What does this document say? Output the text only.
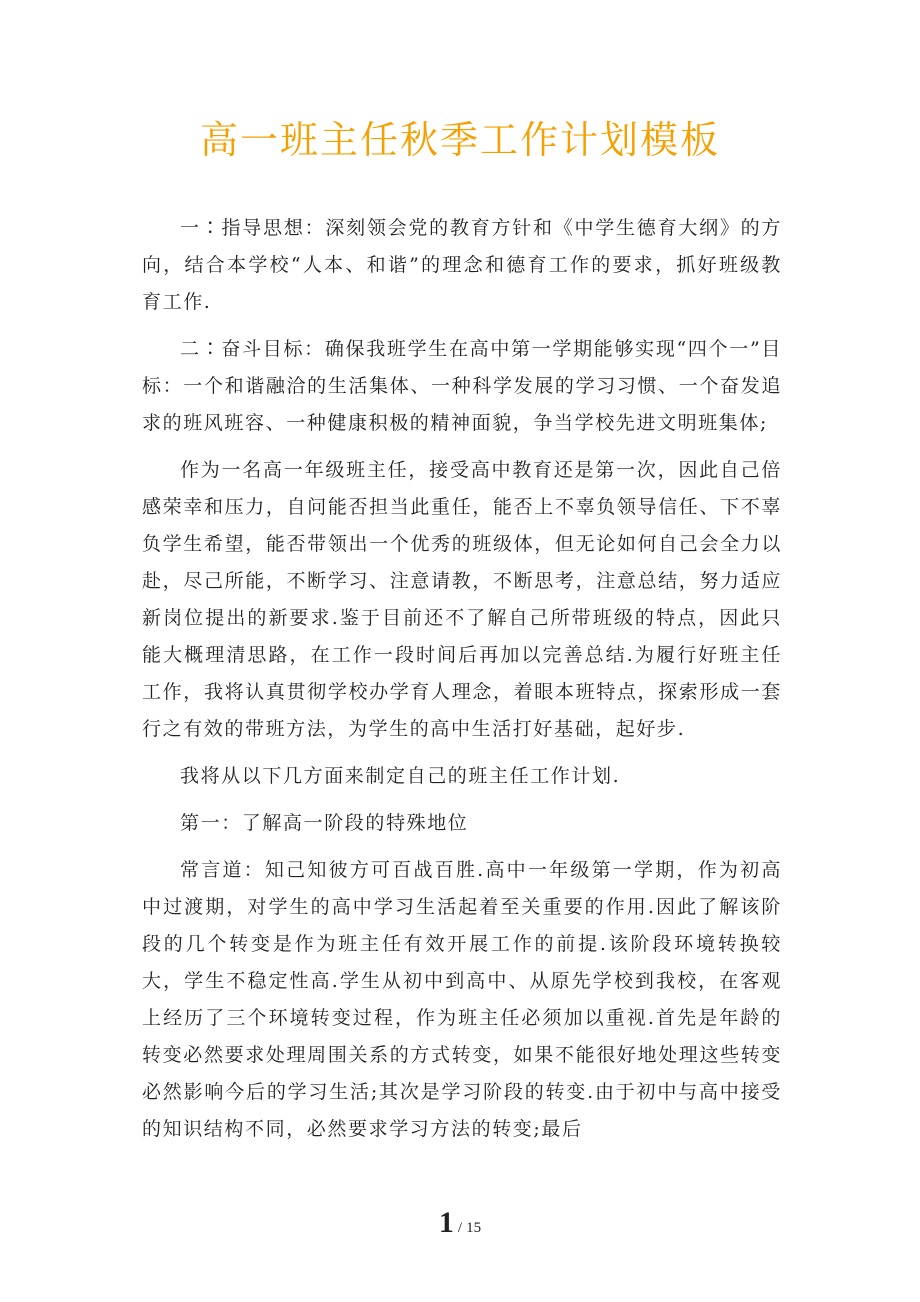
高一班主任秋季工作计划模板

一∶指导思想：深刻领会党的教育方针和《中学生德育大纲》的方向，结合本学校“人本、和谐”的理念和德育工作的要求，抓好班级教育工作.

二∶奋斗目标：确保我班学生在高中第一学期能够实现“四个一”目标：一个和谐融洽的生活集体、一种科学发展的学习习惯、一个奋发追求的班风班容、一种健康积极的精神面貌，争当学校先进文明班集体;

作为一名高一年级班主任，接受高中教育还是第一次，因此自己倍感荣幸和压力，自问能否担当此重任，能否上不辜负领导信任、下不辜负学生希望，能否带领出一个优秀的班级体，但无论如何自己会全力以赴，尽己所能，不断学习、注意请教，不断思考，注意总结，努力适应新岗位提出的新要求.鉴于目前还不了解自己所带班级的特点，因此只能大概理清思路，在工作一段时间后再加以完善总结.为履行好班主任工作，我将认真贯彻学校办学育人理念，着眼本班特点，探索形成一套行之有效的带班方法，为学生的高中生活打好基础，起好步.

我将从以下几方面来制定自己的班主任工作计划.

第一：了解高一阶段的特殊地位

常言道：知己知彼方可百战百胜.高中一年级第一学期，作为初高中过渡期，对学生的高中学习生活起着至关重要的作用.因此了解该阶段的几个转变是作为班主任有效开展工作的前提.该阶段环境转换较大，学生不稳定性高.学生从初中到高中、从原先学校到我校，在客观上经历了三个环境转变过程，作为班主任必须加以重视.首先是年龄的转变必然要求处理周围关系的方式转变，如果不能很好地处理这些转变必然影响今后的学习生活;其次是学习阶段的转变.由于初中与高中接受的知识结构不同，必然要求学习方法的转变;最后

1 / 15
